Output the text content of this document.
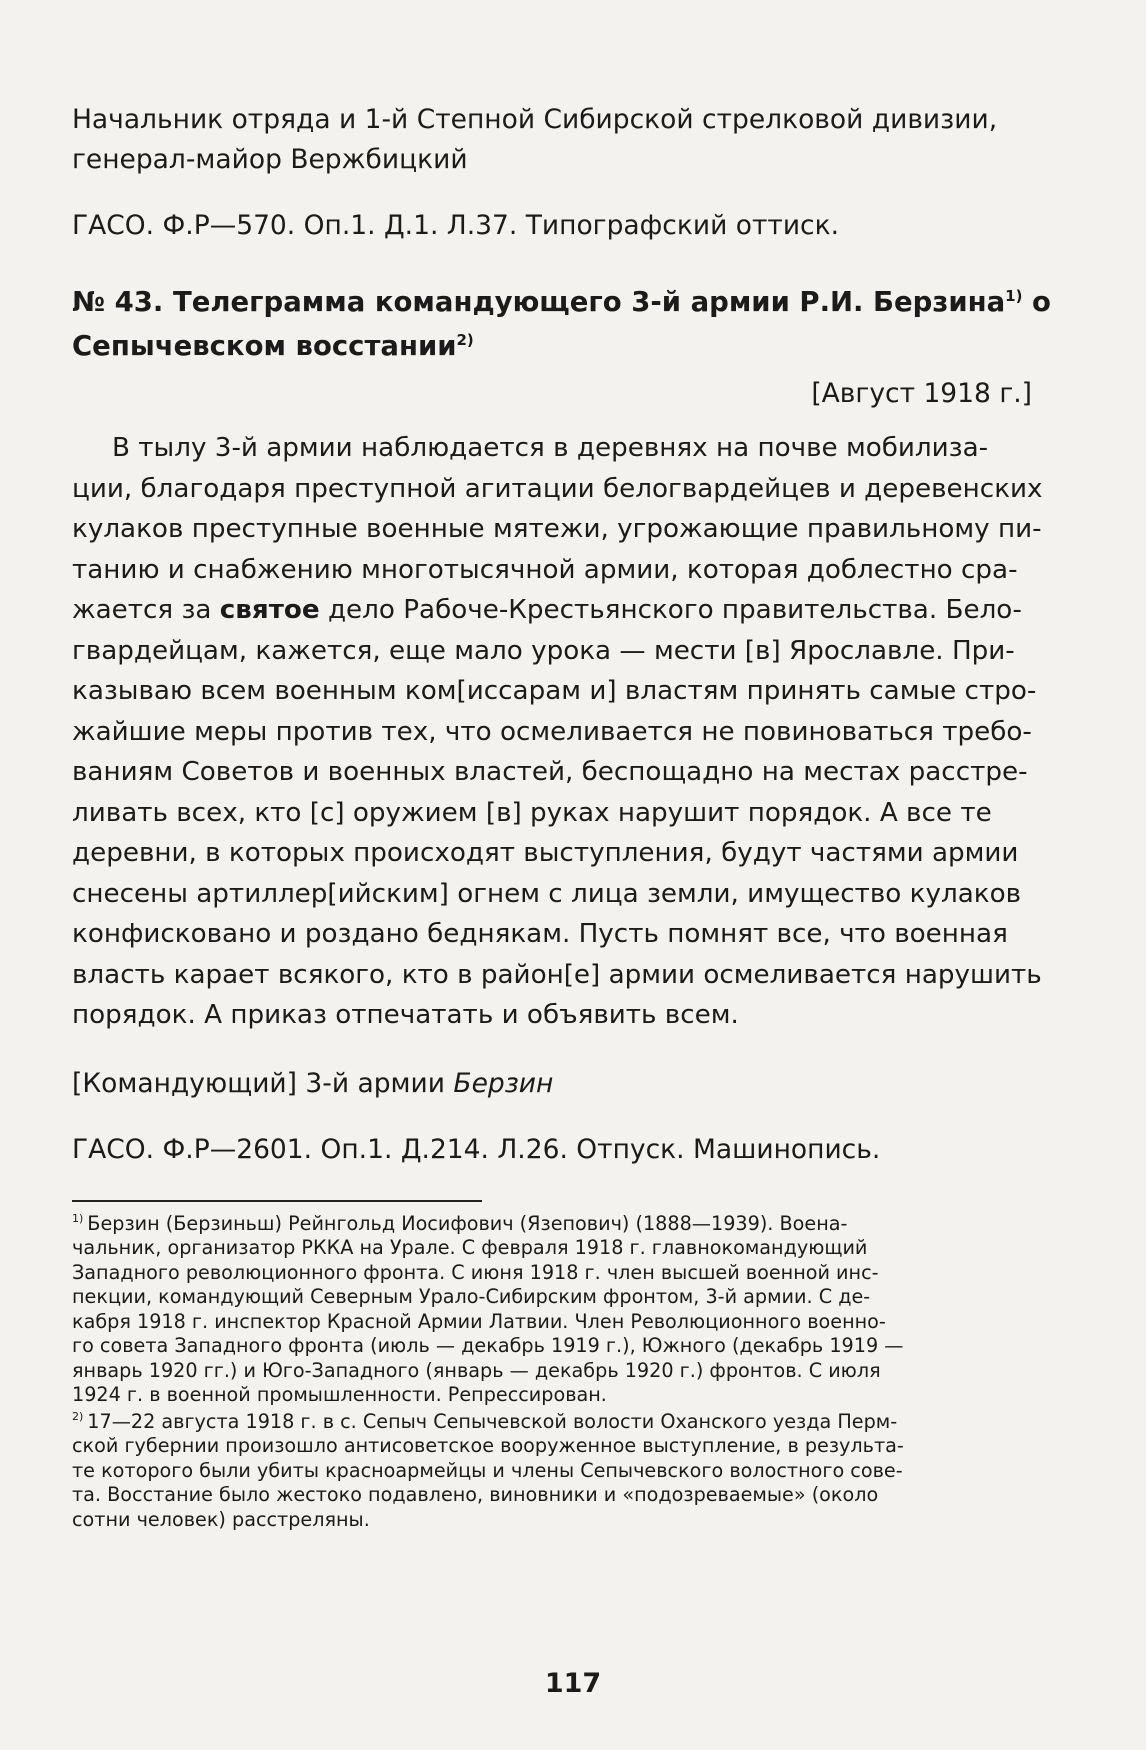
Начальник отряда и 1-й Степной Сибирской стрелковой дивизии,
генерал-майор Вержбицкий
ГАСО. Ф.Р—570. Оп.1. Д.1. Л.37. Типографский оттиск.
№ 43. Телеграмма командующего 3-й армии Р.И. Берзина$^{1)}$ о
Сепычевском восстании$^{2)}$
[Август 1918 г.]
В тылу 3-й армии наблюдается в деревнях на почве мобилиза-
ции, благодаря преступной агитации белогвардейцев и деревенских
кулаков преступные военные мятежи, угрожающие правильному пи-
танию и снабжению многотысячной армии, которая доблестно сра-
жается за святое дело Рабоче-Крестьянского правительства. Бело-
гвардейцам, кажется, еще мало урока — мести [в] Ярославле. При-
казываю всем военным ком[иссарам и] властям принять самые стро-
жайшие меры против тех, что осмеливается не повиноваться требо-
ваниям Советов и военных властей, беспощадно на местах расстре-
ливать всех, кто [с] оружием [в] руках нарушит порядок. А все те
деревни, в которых происходят выступления, будут частями армии
снесены артиллер[ийским] огнем с лица земли, имущество кулаков
конфисковано и роздано беднякам. Пусть помнят все, что военная
власть карает всякого, кто в район[е] армии осмеливается нарушить
порядок. А приказ отпечатать и объявить всем.
[Командующий] 3-й армии Берзин
ГАСО. Ф.Р—2601. Оп.1. Д.214. Л.26. Отпуск. Машинопись.
$^{1)}$ Берзин (Берзиньш) Рейнгольд Иосифович (Язепович) (1888—1939). Воена-
чальник, организатор РККА на Урале. С февраля 1918 г. главнокомандующий
Западного революционного фронта. С июня 1918 г. член высшей военной инс-
пекции, командующий Северным Урало-Сибирским фронтом, 3-й армии. С де-
кабря 1918 г. инспектор Красной Армии Латвии. Член Революционного военно-
го совета Западного фронта (июль — декабрь 1919 г.), Южного (декабрь 1919 —
январь 1920 гг.) и Юго-Западного (январь — декабрь 1920 г.) фронтов. С июля
1924 г. в военной промышленности. Репрессирован.
$^{2)}$ 17—22 августа 1918 г. в с. Сепыч Сепычевской волости Оханского уезда Перм-
ской губернии произошло антисоветское вооруженное выступление, в результа-
те которого были убиты красноармейцы и члены Сепычевского волостного сове-
та. Восстание было жестоко подавлено, виновники и «подозреваемые» (около
сотни человек) расстреляны.
117
